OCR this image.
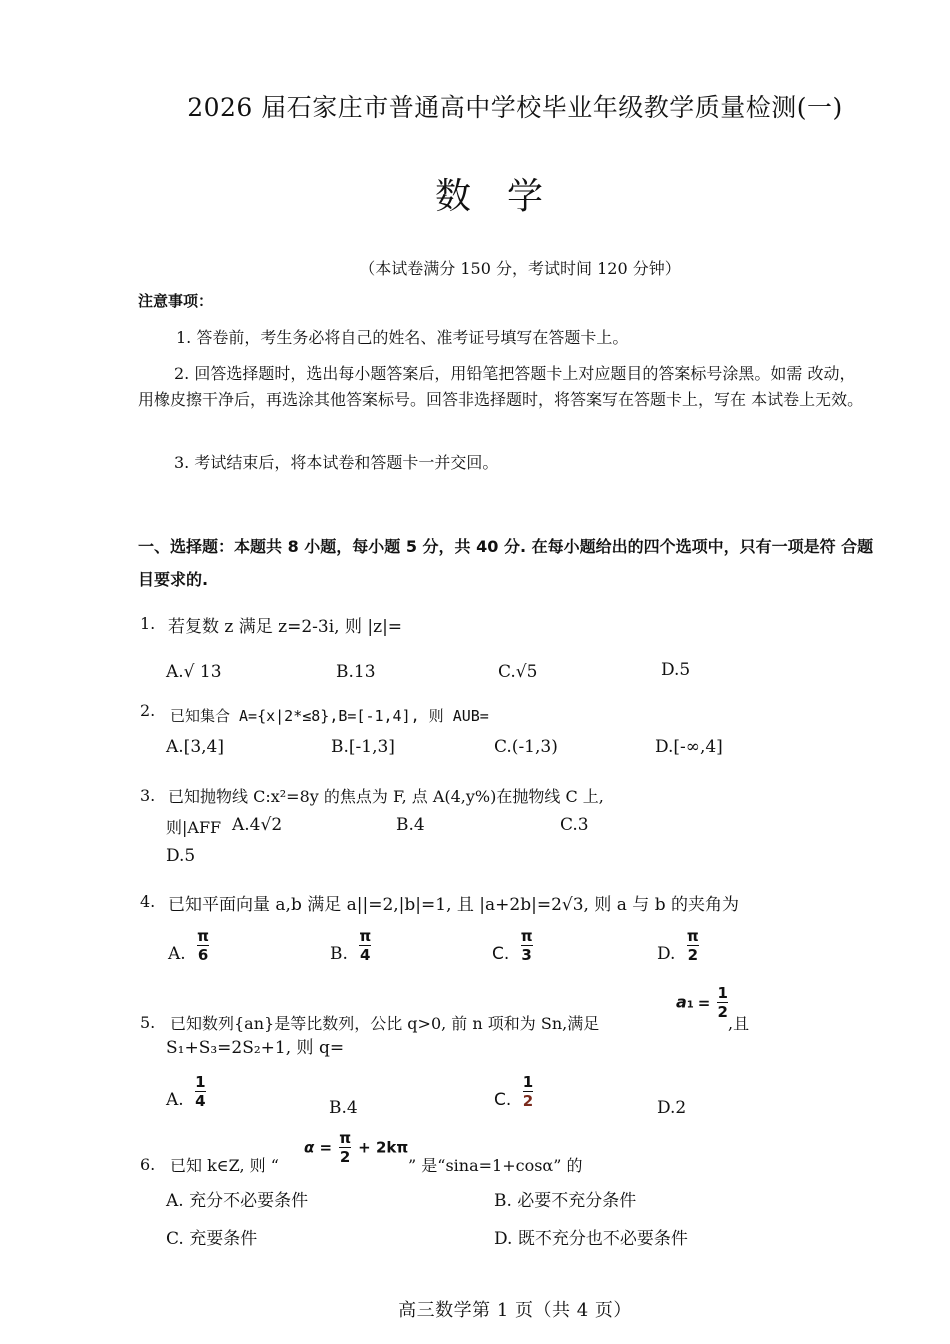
2026 届石家庄市普通高中学校毕业年级教学质量检测(一)
数学
（本试卷满分 150 分，考试时间 120 分钟）
注意事项：
1. 答卷前，考生务必将自己的姓名、准考证号填写在答题卡上。
2. 回答选择题时，选出每小题答案后，用铅笔把答题卡上对应题目的答案标号涂黑。如需 改动，用橡皮擦干净后，再选涂其他答案标号。回答非选择题时，将答案写在答题卡上，写在 本试卷上无效。
3. 考试结束后，将本试卷和答题卡一并交回。
一、选择题：本题共 8 小题，每小题 5 分，共 40 分. 在每小题给出的四个选项中，只有一项是符 合题目要求的.
1. 若复数 z 满足 z=2-3i, 则 |z|=
A.√ 13	B.13	C.√5	D.5
2. 已知集合 A={x|2*≤8},B=[-1,4], 则 AUB=
A.[3,4]	B.[-1,3]	C.(-1,3)	D.[-∞,4]
3. 已知抛物线 C:x²=8y 的焦点为 F, 点 A(4,y%)在抛物线 C 上,
则|AFF A.4√2	B.4	C.3
D.5
4. 已知平面向量 a,b 满足 a||=2,|b|=1, 且 |a+2b|=2√3, 则 a 与 b 的夹角为
A. $\frac{\pi}{6}$	B. $\frac{\pi}{4}$	C. $\frac{\pi}{3}$	D. $\frac{\pi}{2}$
5. 已知数列{an}是等比数列，公比 q>0, 前 n 项和为 Sn,满足
$a1 = \frac{1}{2}$
,且
S₁+S₃=2S₂+1, 则 q=
A. $\frac{1}{4}$	B.4	C. $\frac{1}{2}$	D.2
6. 已知 k∈Z, 则 “
$\alpha = \frac{\pi}{2} + 2k\pi$
” 是“sina=1+cosα” 的
A. 充分不必要条件	B. 必要不充分条件
C. 充要条件	D. 既不充分也不必要条件
高三数学第 1 页（共 4 页）
